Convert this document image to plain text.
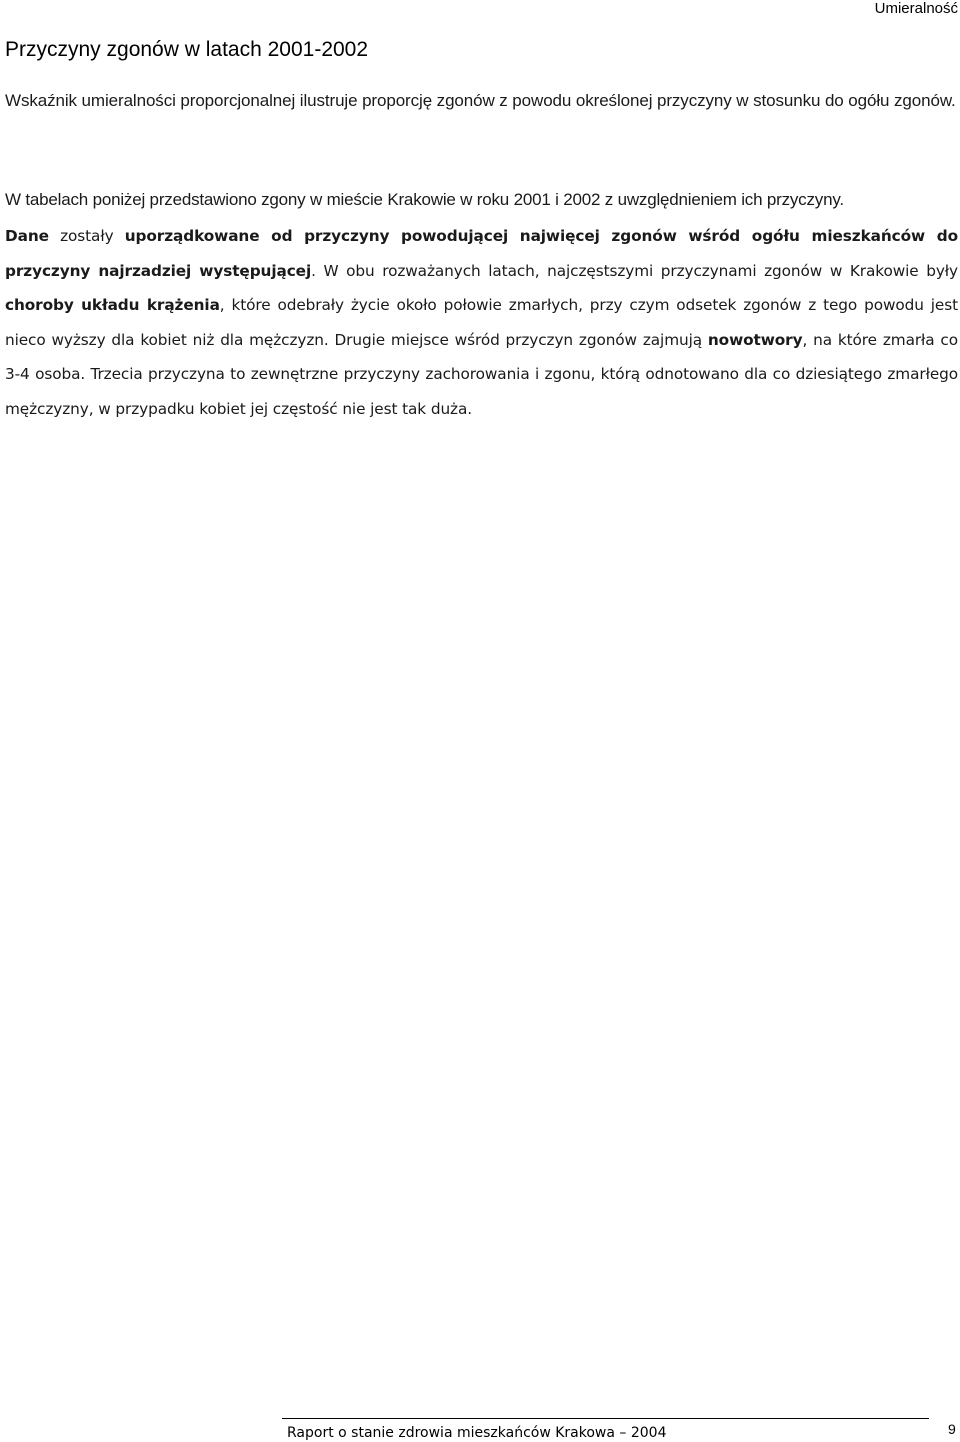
Umieralność
Przyczyny zgonów w latach 2001-2002

Wskaźnik umieralności proporcjonalnej ilustruje proporcję zgonów z powodu określonej przyczyny w stosunku do ogółu zgonów.

W tabelach poniżej przedstawiono zgony w mieście Krakowie w roku 2001 i 2002 z uwzględnieniem ich przyczyny.

Dane zostały uporządkowane od przyczyny powodującej najwięcej zgonów wśród ogółu mieszkańców do przyczyny najrzadziej występującej. W obu rozważanych latach, najczęstszymi przyczynami zgonów w Krakowie były choroby układu krążenia, które odebrały życie około połowie zmarłych, przy czym odsetek zgonów z tego powodu jest nieco wyższy dla kobiet niż dla mężczyzn. Drugie miejsce wśród przyczyn zgonów zajmują nowotwory, na które zmarła co 3-4 osoba. Trzecia przyczyna to zewnętrzne przyczyny zachorowania i zgonu, którą odnotowano dla co dziesiątego zmarłego mężczyzny, w przypadku kobiet jej częstość nie jest tak duża.

Raport o stanie zdrowia mieszkańców Krakowa – 2004	9
